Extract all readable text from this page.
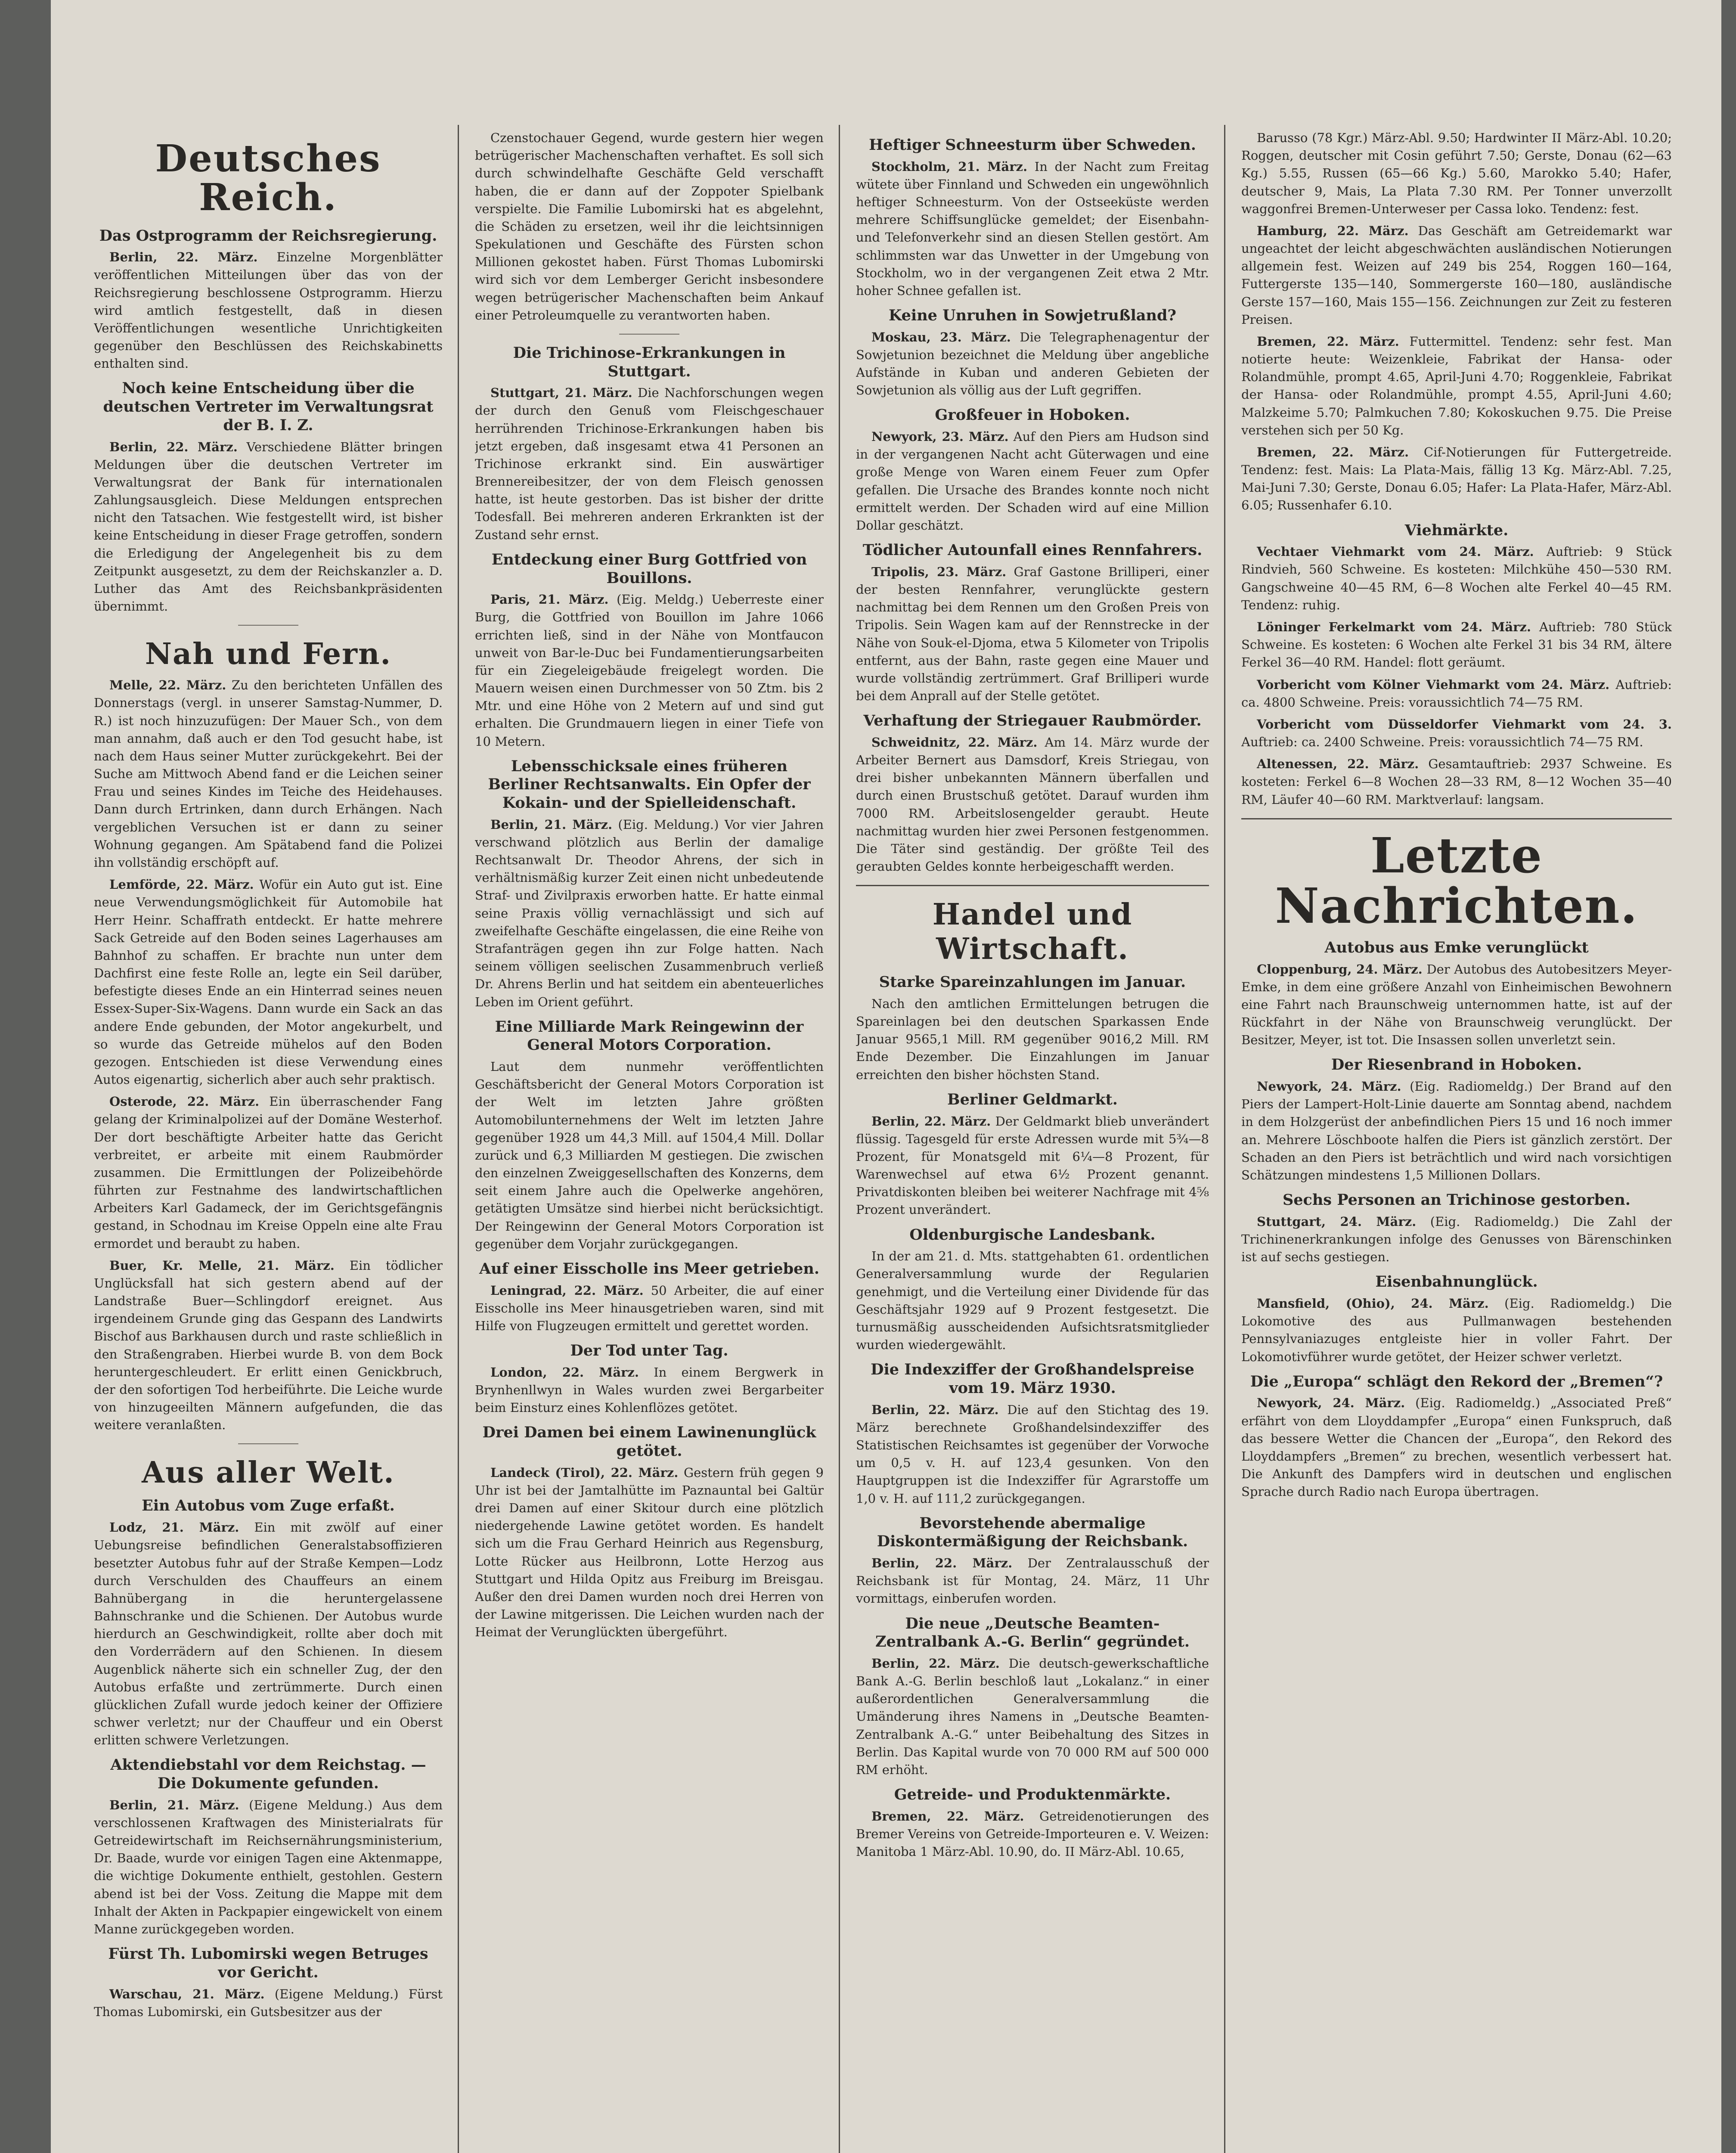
Deutsches Reich.
Das Ostprogramm der Reichsregierung.

Berlin, 22. März. Einzelne Morgenblätter veröffentlichen Mitteilungen über das von der Reichsregierung beschlossene Ostprogramm. Hierzu wird amtlich festgestellt, daß in diesen Veröffentlichungen wesentliche Unrichtigkeiten gegenüber den Beschlüssen des Reichskabinetts enthalten sind.

Noch keine Entscheidung über die deutschen Vertreter im Verwaltungsrat der B. I. Z.

Berlin, 22. März. Verschiedene Blätter bringen Meldungen über die deutschen Vertreter im Verwaltungsrat der Bank für internationalen Zahlungsausgleich. Diese Meldungen entsprechen nicht den Tatsachen. Wie festgestellt wird, ist bisher keine Entscheidung in dieser Frage getroffen, sondern die Erledigung der Angelegenheit bis zu dem Zeitpunkt ausgesetzt, zu dem der Reichskanzler a. D. Luther das Amt des Reichsbankpräsidenten übernimmt.

Nah und Fern.

Melle, 22. März. Zu den berichteten Unfällen des Donnerstags (vergl. in unserer Samstag-Nummer, D. R.) ist noch hinzuzufügen: Der Mauer Sch., von dem man annahm, daß auch er den Tod gesucht habe, ist nach dem Haus seiner Mutter zurückgekehrt. Bei der Suche am Mittwoch Abend fand er die Leichen seiner Frau und seines Kindes im Teiche des Heidehauses. Dann durch Ertrinken, dann durch Erhängen. Nach vergeblichen Versuchen ist er dann zu seiner Wohnung gegangen. Am Spätabend fand die Polizei ihn vollständig erschöpft auf.

Lemförde, 22. März. Wofür ein Auto gut ist. Eine neue Verwendungsmöglichkeit für Automobile hat Herr Heinr. Schaffrath entdeckt. Er hatte mehrere Sack Getreide auf den Boden seines Lagerhauses am Bahnhof zu schaffen. Er brachte nun unter dem Dachfirst eine feste Rolle an, legte ein Seil darüber, befestigte dieses Ende an ein Hinterrad seines neuen Essex-Super-Six-Wagens. Dann wurde ein Sack an das andere Ende gebunden, der Motor angekurbelt, und so wurde das Getreide mühelos auf den Boden gezogen. Entschieden ist diese Verwendung eines Autos eigenartig, sicherlich aber auch sehr praktisch.

Osterode, 22. März. Ein überraschender Fang gelang der Kriminalpolizei auf der Domäne Westerhof. Der dort beschäftigte Arbeiter hatte das Gericht verbreitet, er arbeite mit einem Raubmörder zusammen. Die Ermittlungen der Polizeibehörde führten zur Festnahme des landwirtschaftlichen Arbeiters Karl Gadameck, der im Gerichtsgefängnis gestand, in Schodnau im Kreise Oppeln eine alte Frau ermordet und beraubt zu haben.

Buer, Kr. Melle, 21. März. Ein tödlicher Unglücksfall hat sich gestern abend auf der Landstraße Buer—Schlingdorf ereignet. Aus irgendeinem Grunde ging das Gespann des Landwirts Bischof aus Barkhausen durch und raste schließlich in den Straßengraben. Hierbei wurde B. von dem Bock heruntergeschleudert. Er erlitt einen Genickbruch, der den sofortigen Tod herbeiführte. Die Leiche wurde von hinzugeeilten Männern aufgefunden, die das weitere veranlaßten.

Aus aller Welt.
Ein Autobus vom Zuge erfaßt.

Lodz, 21. März. Ein mit zwölf auf einer Uebungsreise befindlichen Generalstabsoffizieren besetzter Autobus fuhr auf der Straße Kempen—Lodz durch Verschulden des Chauffeurs an einem Bahnübergang in die heruntergelassene Bahnschranke und die Schienen. Der Autobus wurde hierdurch an Geschwindigkeit, rollte aber doch mit den Vorderrädern auf den Schienen. In diesem Augenblick näherte sich ein schneller Zug, der den Autobus erfaßte und zertrümmerte. Durch einen glücklichen Zufall wurde jedoch keiner der Offiziere schwer verletzt; nur der Chauffeur und ein Oberst erlitten schwere Verletzungen.

Aktendiebstahl vor dem Reichstag. — Die Dokumente gefunden.

Berlin, 21. März. (Eigene Meldung.) Aus dem verschlossenen Kraftwagen des Ministerialrats für Getreidewirtschaft im Reichsernährungsministerium, Dr. Baade, wurde vor einigen Tagen eine Aktenmappe, die wichtige Dokumente enthielt, gestohlen. Gestern abend ist bei der Voss. Zeitung die Mappe mit dem Inhalt der Akten in Packpapier eingewickelt von einem Manne zurückgegeben worden.

Fürst Th. Lubomirski wegen Betruges vor Gericht.

Warschau, 21. März. (Eigene Meldung.) Fürst Thomas Lubomirski, ein Gutsbesitzer aus der

Czenstochauer Gegend, wurde gestern hier wegen betrügerischer Machenschaften verhaftet. Es soll sich durch schwindelhafte Geschäfte Geld verschafft haben, die er dann auf der Zoppoter Spielbank verspielte. Die Familie Lubomirski hat es abgelehnt, die Schäden zu ersetzen, weil ihr die leichtsinnigen Spekulationen und Geschäfte des Fürsten schon Millionen gekostet haben. Fürst Thomas Lubomirski wird sich vor dem Lemberger Gericht insbesondere wegen betrügerischer Machenschaften beim Ankauf einer Petroleumquelle zu verantworten haben.

Die Trichinose-Erkrankungen in Stuttgart.

Stuttgart, 21. März. Die Nachforschungen wegen der durch den Genuß vom Fleischgeschauer herrührenden Trichinose-Erkrankungen haben bis jetzt ergeben, daß insgesamt etwa 41 Personen an Trichinose erkrankt sind. Ein auswärtiger Brennereibesitzer, der von dem Fleisch genossen hatte, ist heute gestorben. Das ist bisher der dritte Todesfall. Bei mehreren anderen Erkrankten ist der Zustand sehr ernst.

Entdeckung einer Burg Gottfried von Bouillons.

Paris, 21. März. (Eig. Meldg.) Ueberreste einer Burg, die Gottfried von Bouillon im Jahre 1066 errichten ließ, sind in der Nähe von Montfaucon unweit von Bar-le-Duc bei Fundamentierungsarbeiten für ein Ziegeleigebäude freigelegt worden. Die Mauern weisen einen Durchmesser von 50 Ztm. bis 2 Mtr. und eine Höhe von 2 Metern auf und sind gut erhalten. Die Grundmauern liegen in einer Tiefe von 10 Metern.

Lebensschicksale eines früheren Berliner Rechtsanwalts. Ein Opfer der Kokain- und der Spielleidenschaft.

Berlin, 21. März. (Eig. Meldung.) Vor vier Jahren verschwand plötzlich aus Berlin der damalige Rechtsanwalt Dr. Theodor Ahrens, der sich in verhältnismäßig kurzer Zeit einen nicht unbedeutende Straf- und Zivilpraxis erworben hatte. Er hatte einmal seine Praxis völlig vernachlässigt und sich auf zweifelhafte Geschäfte eingelassen, die eine Reihe von Strafanträgen gegen ihn zur Folge hatten. Nach seinem völligen seelischen Zusammenbruch verließ Dr. Ahrens Berlin und hat seitdem ein abenteuerliches Leben im Orient geführt.

Eine Milliarde Mark Reingewinn der General Motors Corporation.

Laut dem nunmehr veröffentlichten Geschäftsbericht der General Motors Corporation ist der Welt im letzten Jahre größten Automobilunternehmens der Welt im letzten Jahre gegenüber 1928 um 44,3 Mill. auf 1504,4 Mill. Dollar zurück und 6,3 Milliarden M gestiegen. Die zwischen den einzelnen Zweiggesellschaften des Konzerns, dem seit einem Jahre auch die Opelwerke angehören, getätigten Umsätze sind hierbei nicht berücksichtigt. Der Reingewinn der General Motors Corporation ist gegenüber dem Vorjahr zurückgegangen.

Auf einer Eisscholle ins Meer getrieben.

Leningrad, 22. März. 50 Arbeiter, die auf einer Eisscholle ins Meer hinausgetrieben waren, sind mit Hilfe von Flugzeugen ermittelt und gerettet worden.

Der Tod unter Tag.

London, 22. März. In einem Bergwerk in Brynhenllwyn in Wales wurden zwei Bergarbeiter beim Einsturz eines Kohlenflözes getötet.

Drei Damen bei einem Lawinenunglück getötet.

Landeck (Tirol), 22. März. Gestern früh gegen 9 Uhr ist bei der Jamtalhütte im Paznauntal bei Galtür drei Damen auf einer Skitour durch eine plötzlich niedergehende Lawine getötet worden. Es handelt sich um die Frau Gerhard Heinrich aus Regensburg, Lotte Rücker aus Heilbronn, Lotte Herzog aus Stuttgart und Hilda Opitz aus Freiburg im Breisgau. Außer den drei Damen wurden noch drei Herren von der Lawine mitgerissen. Die Leichen wurden nach der Heimat der Verunglückten übergeführt.

Heftiger Schneesturm über Schweden.

Stockholm, 21. März. In der Nacht zum Freitag wütete über Finnland und Schweden ein ungewöhnlich heftiger Schneesturm. Von der Ostseeküste werden mehrere Schiffsunglücke gemeldet; der Eisenbahn- und Telefonverkehr sind an diesen Stellen gestört. Am schlimmsten war das Unwetter in der Umgebung von Stockholm, wo in der vergangenen Zeit etwa 2 Mtr. hoher Schnee gefallen ist.

Keine Unruhen in Sowjetrußland?

Moskau, 23. März. Die Telegraphenagentur der Sowjetunion bezeichnet die Meldung über angebliche Aufstände in Kuban und anderen Gebieten der Sowjetunion als völlig aus der Luft gegriffen.

Großfeuer in Hoboken.

Newyork, 23. März. Auf den Piers am Hudson sind in der vergangenen Nacht acht Güterwagen und eine große Menge von Waren einem Feuer zum Opfer gefallen. Die Ursache des Brandes konnte noch nicht ermittelt werden. Der Schaden wird auf eine Million Dollar geschätzt.

Tödlicher Autounfall eines Rennfahrers.

Tripolis, 23. März. Graf Gastone Brilliperi, einer der besten Rennfahrer, verunglückte gestern nachmittag bei dem Rennen um den Großen Preis von Tripolis. Sein Wagen kam auf der Rennstrecke in der Nähe von Souk-el-Djoma, etwa 5 Kilometer von Tripolis entfernt, aus der Bahn, raste gegen eine Mauer und wurde vollständig zertrümmert. Graf Brilliperi wurde bei dem Anprall auf der Stelle getötet.

Verhaftung der Striegauer Raubmörder.

Schweidnitz, 22. März. Am 14. März wurde der Arbeiter Bernert aus Damsdorf, Kreis Striegau, von drei bisher unbekannten Männern überfallen und durch einen Brustschuß getötet. Darauf wurden ihm 7000 RM. Arbeitslosengelder geraubt. Heute nachmittag wurden hier zwei Personen festgenommen. Die Täter sind geständig. Der größte Teil des geraubten Geldes konnte herbeigeschafft werden.

Handel und Wirtschaft.
Starke Spareinzahlungen im Januar.

Nach den amtlichen Ermittelungen betrugen die Spareinlagen bei den deutschen Sparkassen Ende Januar 9565,1 Mill. RM gegenüber 9016,2 Mill. RM Ende Dezember. Die Einzahlungen im Januar erreichten den bisher höchsten Stand.

Berliner Geldmarkt.

Berlin, 22. März. Der Geldmarkt blieb unverändert flüssig. Tagesgeld für erste Adressen wurde mit 5¾—8 Prozent, für Monatsgeld mit 6¼—8 Prozent, für Warenwechsel auf etwa 6½ Prozent genannt. Privatdiskonten bleiben bei weiterer Nachfrage mit 4⅝ Prozent unverändert.

Oldenburgische Landesbank.

In der am 21. d. Mts. stattgehabten 61. ordentlichen Generalversammlung wurde der Regularien genehmigt, und die Verteilung einer Dividende für das Geschäftsjahr 1929 auf 9 Prozent festgesetzt. Die turnusmäßig ausscheidenden Aufsichtsratsmitglieder wurden wiedergewählt.

Die Indexziffer der Großhandelspreise vom 19. März 1930.

Berlin, 22. März. Die auf den Stichtag des 19. März berechnete Großhandelsindexziffer des Statistischen Reichsamtes ist gegenüber der Vorwoche um 0,5 v. H. auf 123,4 gesunken. Von den Hauptgruppen ist die Indexziffer für Agrarstoffe um 1,0 v. H. auf 111,2 zurückgegangen.

Bevorstehende abermalige Diskontermäßigung der Reichsbank.

Berlin, 22. März. Der Zentralausschuß der Reichsbank ist für Montag, 24. März, 11 Uhr vormittags, einberufen worden.

Die neue „Deutsche Beamten-Zentralbank A.-G. Berlin“ gegründet.

Berlin, 22. März. Die deutsch-gewerkschaftliche Bank A.-G. Berlin beschloß laut „Lokalanz.“ in einer außerordentlichen Generalversammlung die Umänderung ihres Namens in „Deutsche Beamten-Zentralbank A.-G.“ unter Beibehaltung des Sitzes in Berlin. Das Kapital wurde von 70 000 RM auf 500 000 RM erhöht.

Getreide- und Produktenmärkte.

Bremen, 22. März. Getreidenotierungen des Bremer Vereins von Getreide-Importeuren e. V. Weizen: Manitoba 1 März-Abl. 10.90, do. II März-Abl. 10.65,

Barusso (78 Kgr.) März-Abl. 9.50; Hardwinter II März-Abl. 10.20; Roggen, deutscher mit Cosin geführt 7.50; Gerste, Donau (62—63 Kg.) 5.55, Russen (65—66 Kg.) 5.60, Marokko 5.40; Hafer, deutscher 9, Mais, La Plata 7.30 RM. Per Tonner unverzollt waggonfrei Bremen-Unterweser per Cassa loko. Tendenz: fest.

Hamburg, 22. März. Das Geschäft am Getreidemarkt war ungeachtet der leicht abgeschwächten ausländischen Notierungen allgemein fest. Weizen auf 249 bis 254, Roggen 160—164, Futtergerste 135—140, Sommergerste 160—180, ausländische Gerste 157—160, Mais 155—156. Zeichnungen zur Zeit zu festeren Preisen.

Bremen, 22. März. Futtermittel. Tendenz: sehr fest. Man notierte heute: Weizenkleie, Fabrikat der Hansa- oder Rolandmühle, prompt 4.65, April-Juni 4.70; Roggenkleie, Fabrikat der Hansa- oder Rolandmühle, prompt 4.55, April-Juni 4.60; Malzkeime 5.70; Palmkuchen 7.80; Kokoskuchen 9.75. Die Preise verstehen sich per 50 Kg.

Bremen, 22. März. Cif-Notierungen für Futtergetreide. Tendenz: fest. Mais: La Plata-Mais, fällig 13 Kg. März-Abl. 7.25, Mai-Juni 7.30; Gerste, Donau 6.05; Hafer: La Plata-Hafer, März-Abl. 6.05; Russenhafer 6.10.

Viehmärkte.

Vechtaer Viehmarkt vom 24. März. Auftrieb: 9 Stück Rindvieh, 560 Schweine. Es kosteten: Milchkühe 450—530 RM. Gangschweine 40—45 RM, 6—8 Wochen alte Ferkel 40—45 RM. Tendenz: ruhig.

Löninger Ferkelmarkt vom 24. März. Auftrieb: 780 Stück Schweine. Es kosteten: 6 Wochen alte Ferkel 31 bis 34 RM, ältere Ferkel 36—40 RM. Handel: flott geräumt.

Vorbericht vom Kölner Viehmarkt vom 24. März. Auftrieb: ca. 4800 Schweine. Preis: voraussichtlich 74—75 RM.

Vorbericht vom Düsseldorfer Viehmarkt vom 24. 3. Auftrieb: ca. 2400 Schweine. Preis: voraussichtlich 74—75 RM.

Altenessen, 22. März. Gesamtauftrieb: 2937 Schweine. Es kosteten: Ferkel 6—8 Wochen 28—33 RM, 8—12 Wochen 35—40 RM, Läufer 40—60 RM. Marktverlauf: langsam.

Letzte Nachrichten.
Autobus aus Emke verunglückt

Cloppenburg, 24. März. Der Autobus des Autobesitzers Meyer-Emke, in dem eine größere Anzahl von Einheimischen Bewohnern eine Fahrt nach Braunschweig unternommen hatte, ist auf der Rückfahrt in der Nähe von Braunschweig verunglückt. Der Besitzer, Meyer, ist tot. Die Insassen sollen unverletzt sein.

Der Riesenbrand in Hoboken.

Newyork, 24. März. (Eig. Radiomeldg.) Der Brand auf den Piers der Lampert-Holt-Linie dauerte am Sonntag abend, nachdem in dem Holzgerüst der anbefindlichen Piers 15 und 16 noch immer an. Mehrere Löschboote halfen die Piers ist gänzlich zerstört. Der Schaden an den Piers ist beträchtlich und wird nach vorsichtigen Schätzungen mindestens 1,5 Millionen Dollars.

Sechs Personen an Trichinose gestorben.

Stuttgart, 24. März. (Eig. Radiomeldg.) Die Zahl der Trichinenerkrankungen infolge des Genusses von Bärenschinken ist auf sechs gestiegen.

Eisenbahnunglück.

Mansfield, (Ohio), 24. März. (Eig. Radiomeldg.) Die Lokomotive des aus Pullmanwagen bestehenden Pennsylvaniazuges entgleiste hier in voller Fahrt. Der Lokomotivführer wurde getötet, der Heizer schwer verletzt.

Die „Europa“ schlägt den Rekord der „Bremen“?

Newyork, 24. März. (Eig. Radiomeldg.) „Associated Preß“ erfährt von dem Lloyddampfer „Europa“ einen Funkspruch, daß das bessere Wetter die Chancen der „Europa“, den Rekord des Lloyddampfers „Bremen“ zu brechen, wesentlich verbessert hat. Die Ankunft des Dampfers wird in deutschen und englischen Sprache durch Radio nach Europa übertragen.
